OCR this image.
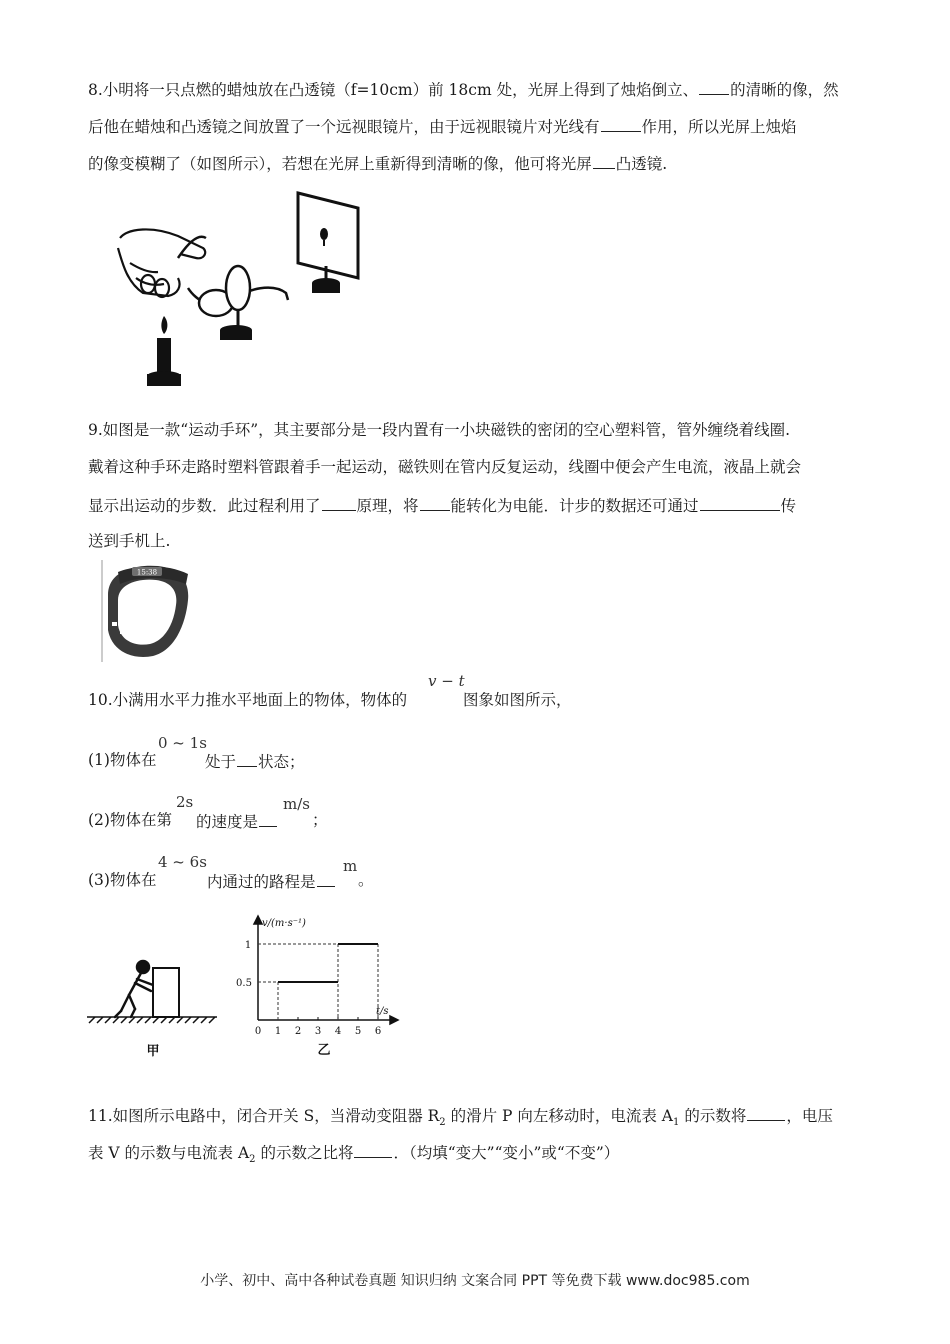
8.小明将一只点燃的蜡烛放在凸透镜（f=10cm）前 18cm 处，光屏上得到了烛焰倒立、 的清晰的像，然
后他在蜡烛和凸透镜之间放置了一个远视眼镜片，由于远视眼镜片对光线有	作用，所以光屏上烛焰
的像变模糊了（如图所示），若想在光屏上重新得到清晰的像，他可将光屏 凸透镜.
9.如图是一款“运动手环”，其主要部分是一段内置有一小块磁铁的密闭的空心塑料管，管外缠绕着线圈.
戴着这种手环走路时塑料管跟着手一起运动，磁铁则在管内反复运动，线圈中便会产生电流，液晶上就会
显示出运动的步数．此过程利用了 原理，将 能转化为电能．计步的数据还可通过	传
送到手机上.
15:38
10.小满用水平力推水平地面上的物体，物体的
v − t
图象如图所示，
(1)物体在
0 ~ 1s
处于 状态；
(2)物体在第
2s
的速度是
m/s
；
(3)物体在
4 ~ 6s
内通过的路程是
m
。
甲
v/(m·s⁻¹)
t/s
1
0.5
0 1 2 3 4 5 6
乙
11.如图所示电路中，闭合开关 S，当滑动变阻器 $R_2$ 的滑片 P 向左移动时，电流表 $A_1$ 的示数将	，电压
表 V 的示数与电流表 $A_2$ 的示数之比将	．（均填“变大”“变小”或“不变”）
小学、初中、高中各种试卷真题 知识归纳 文案合同 PPT 等免费下载 www.doc985.com
